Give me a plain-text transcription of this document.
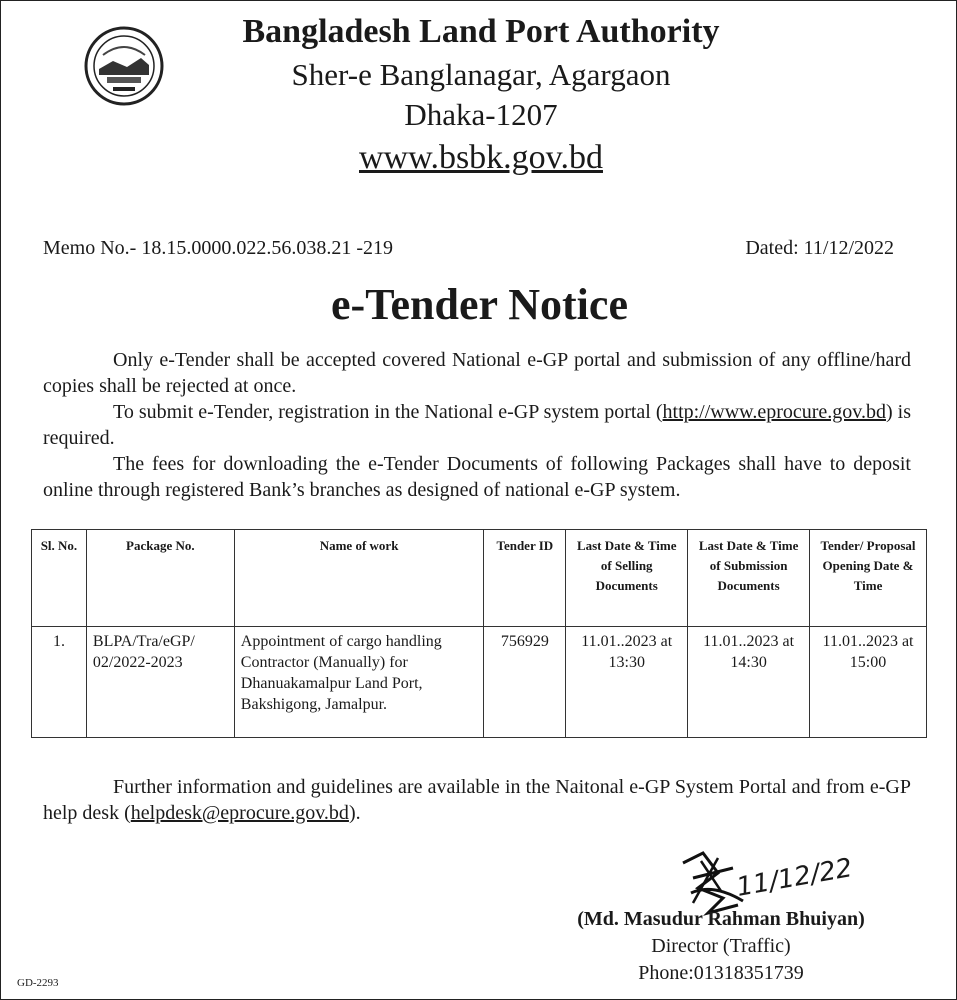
Bangladesh Land Port Authority
Sher-e Banglanagar, Agargaon
Dhaka-1207
www.bsbk.gov.bd
Memo No.- 18.15.0000.022.56.038.21 -219	Dated: 11/12/2022
e-Tender Notice

Only e-Tender shall be accepted covered National e-GP portal and submission of any offline/hard copies shall be rejected at once.

To submit e-Tender, registration in the National e-GP system portal (http://www.eprocure.gov.bd) is required.

The fees for downloading the e-Tender Documents of following Packages shall have to deposit online through registered Bank’s branches as designed of national e-GP system.

Sl. No.	Package No.	Name of work	Tender ID	Last Date & Time of Selling Documents	Last Date & Time of Submission Documents	Tender/ Proposal Opening Date & Time
1.	BLPA/Tra/eGP/ 02/2022-2023	Appointment of cargo handling Contractor (Manually) for Dhanuakamalpur Land Port, Bakshigong, Jamalpur.	756929	11.01..2023 at 13:30	11.01..2023 at 14:30	11.01..2023 at 15:00

Further information and guidelines are available in the Naitonal e-GP System Portal and from e-GP help desk (helpdesk@eprocure.gov.bd).

11/12/22
(Md. Masudur Rahman Bhuiyan)
Director (Traffic)
Phone:01318351739
GD-2293
